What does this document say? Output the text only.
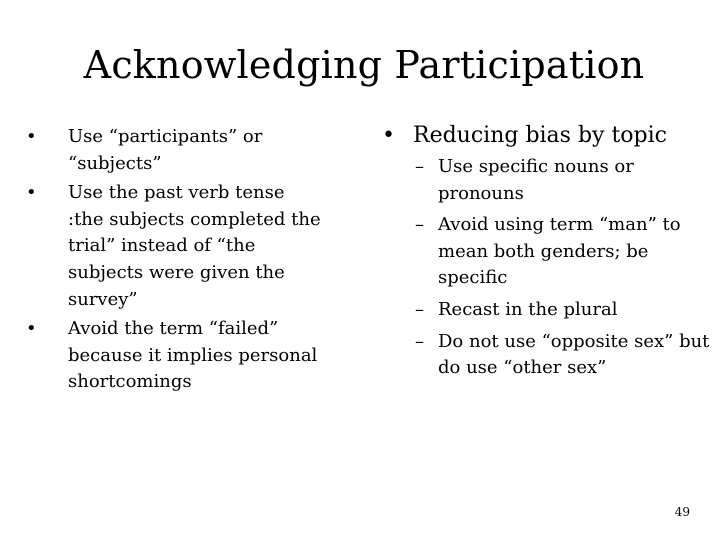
Acknowledging Participation
• Use “participants” or “subjects”
• Use the past verb tense :the subjects completed the trial” instead of “the subjects were given the survey”
• Avoid the term “failed” because it implies personal shortcomings
• Reducing bias by topic
– Use specific nouns or pronouns
– Avoid using term “man” to mean both genders; be specific
– Recast in the plural
– Do not use “opposite sex” but do use “other sex”
49
